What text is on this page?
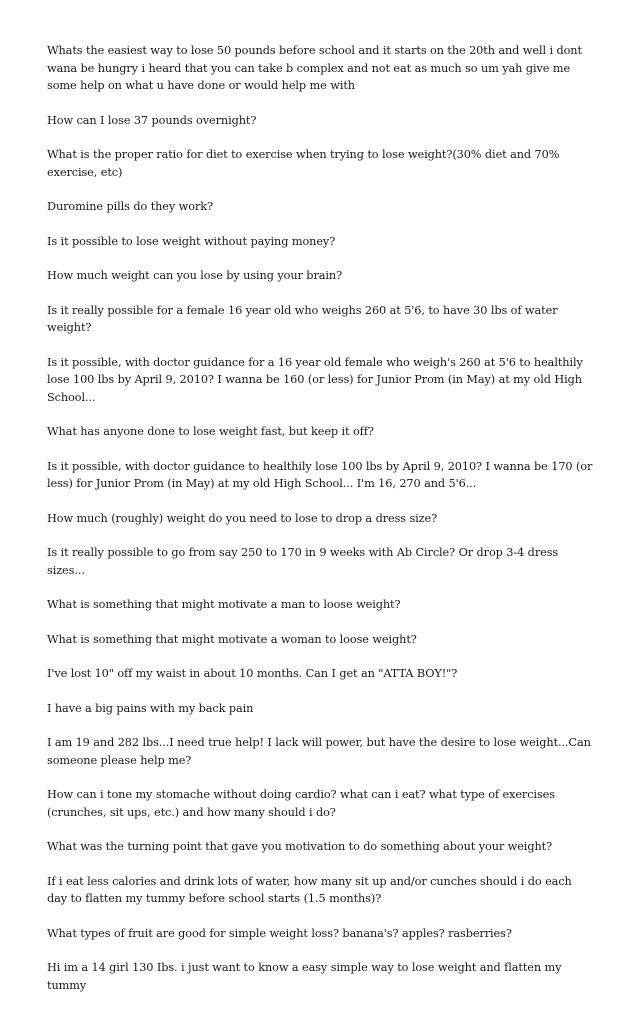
Whats the easiest way to lose 50 pounds before school and it starts on the 20th and well i dont wana be hungry i heard that you can take b complex and not eat as much so um yah give me some help on what u have done or would help me with

How can I lose 37 pounds overnight?

What is the proper ratio for diet to exercise when trying to lose weight?(30% diet and 70% exercise, etc)

Duromine pills do they work?

Is it possible to lose weight without paying money?

How much weight can you lose by using your brain?

Is it really possible for a female 16 year old who weighs 260 at 5'6, to have 30 lbs of water weight?

Is it possible, with doctor guidance for a 16 year old female who weigh's 260 at 5'6 to healthily lose 100 lbs by April 9, 2010? I wanna be 160 (or less) for Junior Prom (in May) at my old High School...

What has anyone done to lose weight fast, but keep it off?

Is it possible, with doctor guidance to healthily lose 100 lbs by April 9, 2010? I wanna be 170 (or less) for Junior Prom (in May) at my old High School... I'm 16, 270 and 5'6...

How much (roughly) weight do you need to lose to drop a dress size?

Is it really possible to go from say 250 to 170 in 9 weeks with Ab Circle? Or drop 3-4 dress sizes...

What is something that might motivate a man to loose weight?

What is something that might motivate a woman to loose weight?

I've lost 10" off my waist in about 10 months. Can I get an "ATTA BOY!"?

I have a big pains with my back pain

I am 19 and 282 lbs...I need true help! I lack will power, but have the desire to lose weight...Can someone please help me?

How can i tone my stomache without doing cardio? what can i eat? what type of exercises (crunches, sit ups, etc.) and how many should i do?

What was the turning point that gave you motivation to do something about your weight?

If i eat less calories and drink lots of water, how many sit up and/or cunches should i do each day to flatten my tummy before school starts (1.5 months)?

What types of fruit are good for simple weight loss? banana's? apples? rasberries?

Hi im a 14 girl 130 Ibs. i just want to know a easy simple way to lose weight and flatten my tummy
